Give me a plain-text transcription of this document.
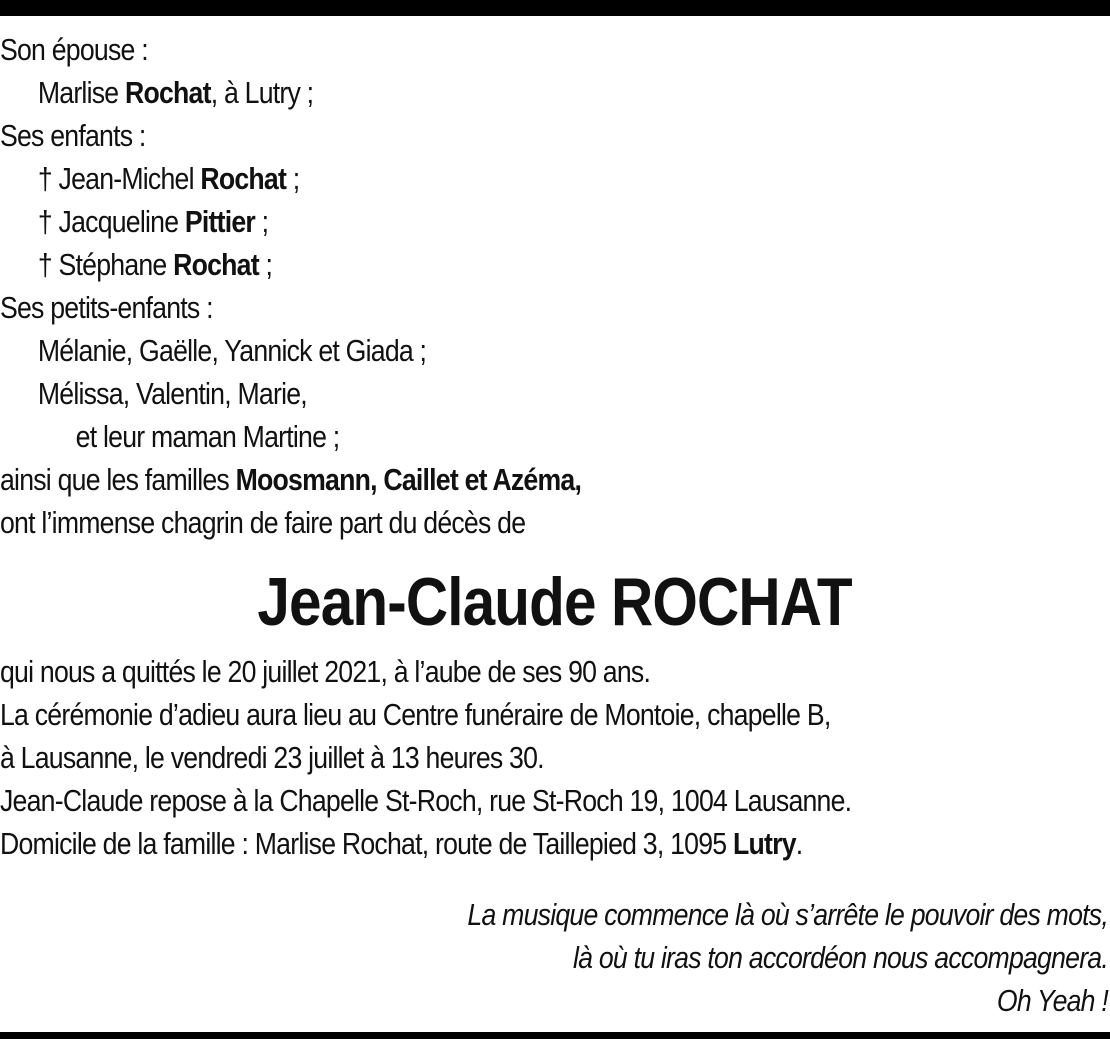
Son épouse :
Marlise Rochat, à Lutry ;
Ses enfants :
† Jean-Michel Rochat ;
† Jacqueline Pittier ;
† Stéphane Rochat ;
Ses petits-enfants :
Mélanie, Gaëlle, Yannick et Giada ;
Mélissa, Valentin, Marie,
et leur maman Martine ;
ainsi que les familles Moosmann, Caillet et Azéma,
ont l’immense chagrin de faire part du décès de
Jean-Claude ROCHAT
qui nous a quittés le 20 juillet 2021, à l’aube de ses 90 ans.
La cérémonie d’adieu aura lieu au Centre funéraire de Montoie, chapelle B,
à Lausanne, le vendredi 23 juillet à 13 heures 30.
Jean-Claude repose à la Chapelle St-Roch, rue St-Roch 19, 1004 Lausanne.
Domicile de la famille : Marlise Rochat, route de Taillepied 3, 1095 Lutry.
La musique commence là où s’arrête le pouvoir des mots,
là où tu iras ton accordéon nous accompagnera.
Oh Yeah !
